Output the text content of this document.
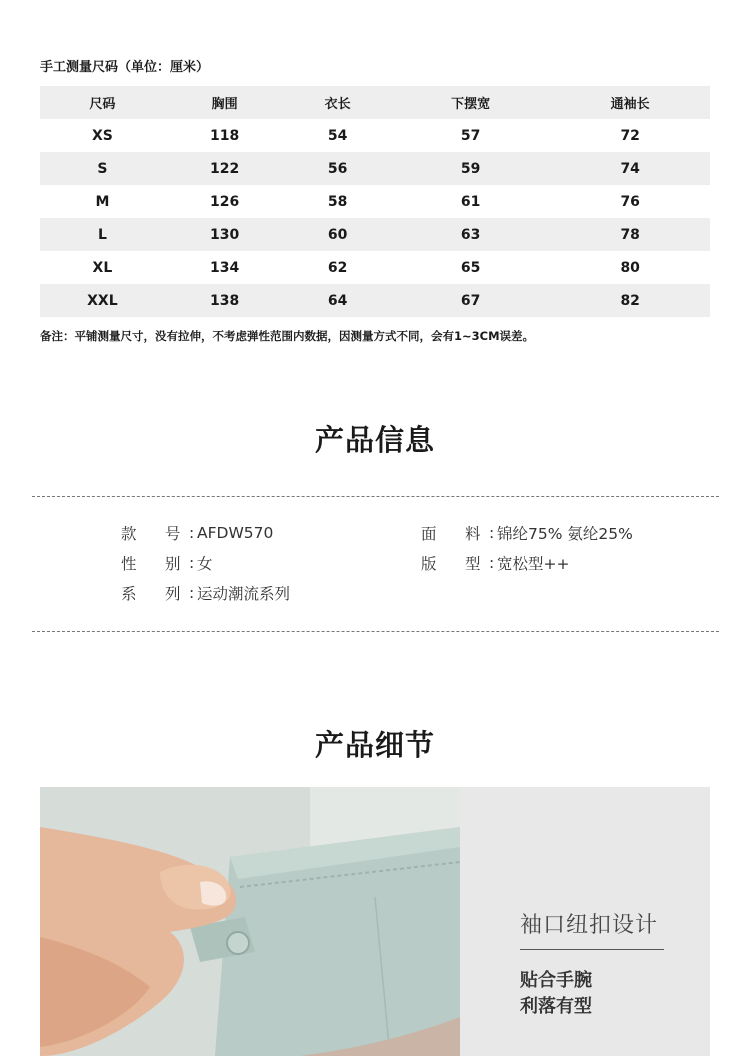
手工测量尺码（单位：厘米）
尺码	胸围	衣长	下摆宽	通袖长
XS	118	54	57	72
S	122	56	59	74
M	126	58	61	76
L	130	60	63	78
XL	134	62	65	80
XXL	138	64	67	82
备注：平铺测量尺寸，没有拉伸，不考虑弹性范围内数据，因测量方式不同，会有1~3CM误差。
产品信息
款	号 : AFDW570
性	别 : 女
系	列 : 运动潮流系列
面	料 : 锦纶75% 氨纶25%
版	型 : 宽松型++
产品细节
袖口纽扣设计
贴合手腕
利落有型
